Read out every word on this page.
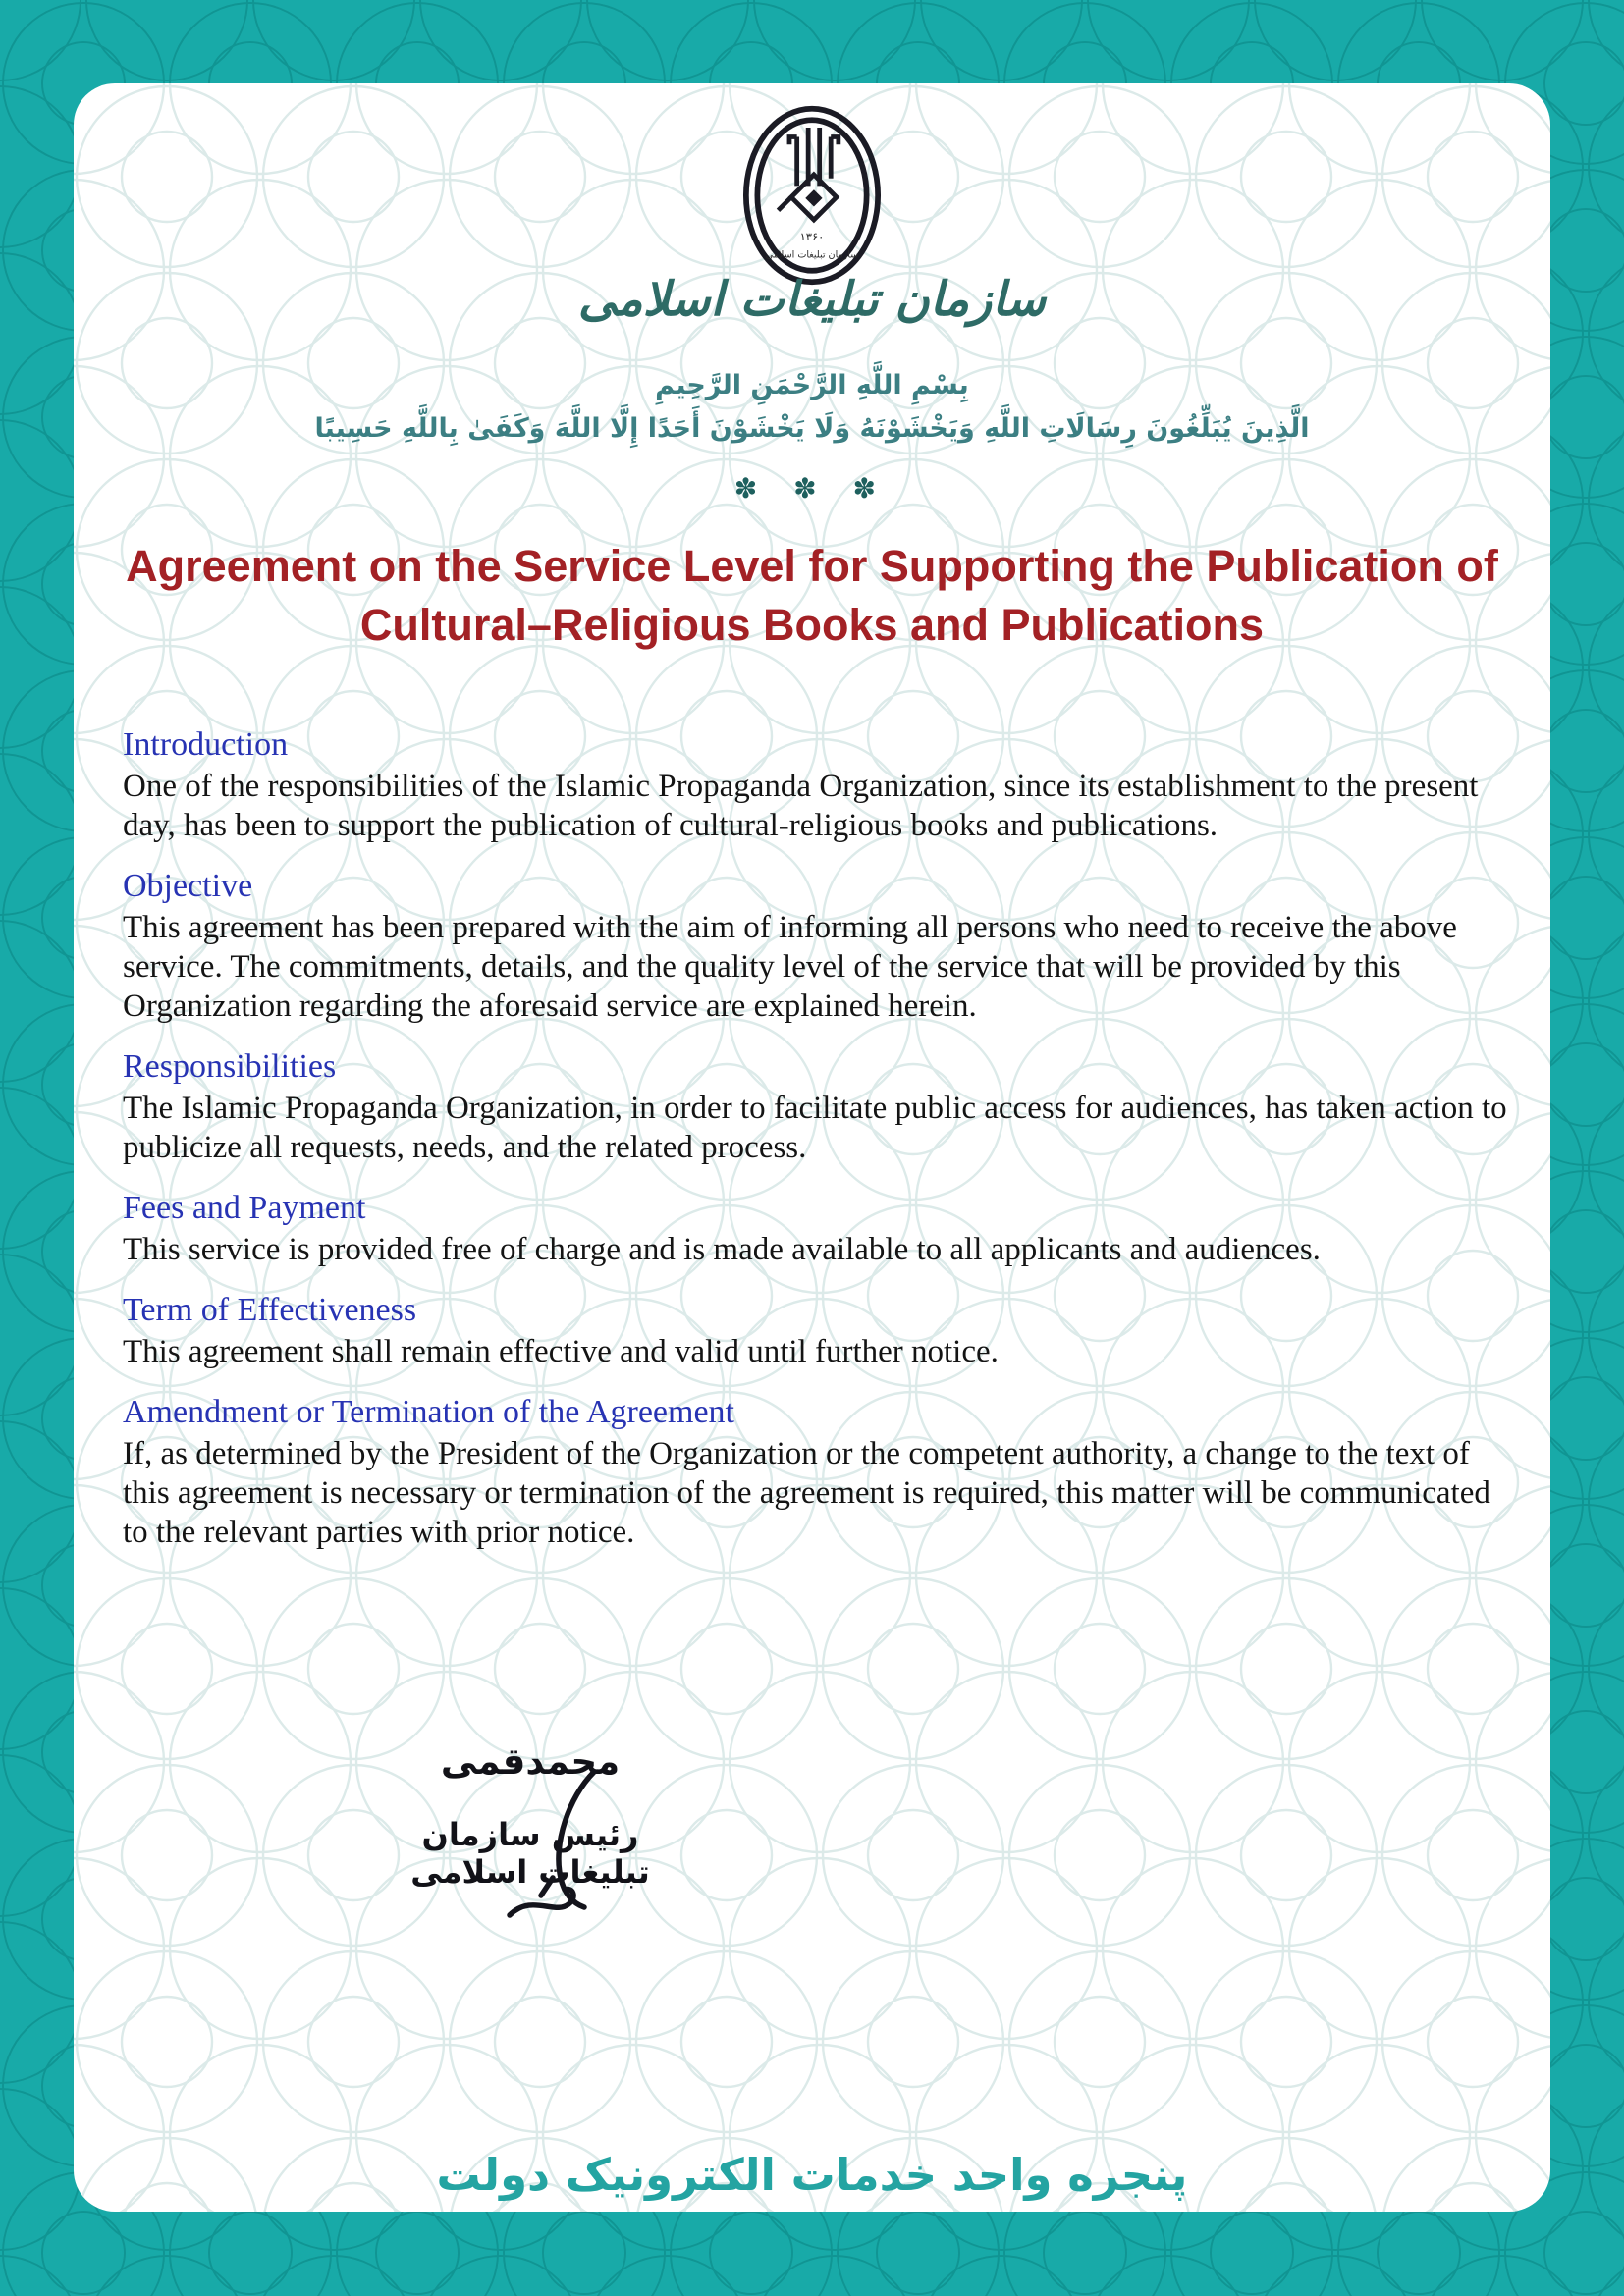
۱۳۶۰
سازمان تبلیغات اسلامی
سازمان تبلیغات اسلامی
بِسْمِ اللَّهِ الرَّحْمَنِ الرَّحِيمِ
الَّذِينَ يُبَلِّغُونَ رِسَالَاتِ اللَّهِ وَيَخْشَوْنَهُ وَلَا يَخْشَوْنَ أَحَدًا إِلَّا اللَّهَ وَكَفَىٰ بِاللَّهِ حَسِيبًا
✽ ✽ ✽
Agreement on the Service Level for Supporting the Publication of Cultural–Religious Books and Publications
Introduction

One of the responsibilities of the Islamic Propaganda Organization, since its establishment to the present day, has been to support the publication of cultural-religious books and publications.

Objective

This agreement has been prepared with the aim of informing all persons who need to receive the above service. The commitments, details, and the quality level of the service that will be provided by this Organization regarding the aforesaid service are explained herein.

Responsibilities

The Islamic Propaganda Organization, in order to facilitate public access for audiences, has taken action to publicize all requests, needs, and the related process.

Fees and Payment

This service is provided free of charge and is made available to all applicants and audiences.

Term of Effectiveness

This agreement shall remain effective and valid until further notice.

Amendment or Termination of the Agreement

If, as determined by the President of the Organization or the competent authority, a change to the text of this agreement is necessary or termination of the agreement is required, this matter will be communicated to the relevant parties with prior notice.

محمدقمی
رئیس سازمان تبلیغات اسلامی
پنجره واحد خدمات الکترونیک دولت
